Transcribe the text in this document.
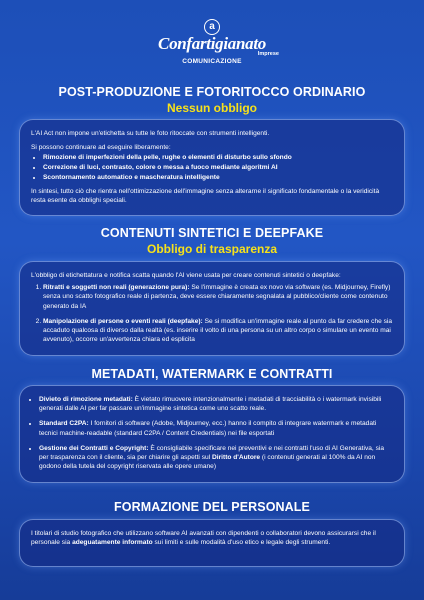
a
Confartigianato
Imprese
COMUNICAZIONE
POST-PRODUZIONE E FOTORITOCCO ORDINARIO
Nessun obbligo

L'AI Act non impone un'etichetta su tutte le foto ritoccate con strumenti intelligenti.

Si possono continuare ad eseguire liberamente:

• Rimozione di imperfezioni della pelle, rughe o elementi di disturbo sullo sfondo
• Correzione di luci, contrasto, colore o messa a fuoco mediante algoritmi AI
• Scontornamento automatico e mascheratura intelligente

In sintesi, tutto ciò che rientra nell'ottimizzazione dell'immagine senza alterarne il significato fondamentale o la veridicità resta esente da obblighi speciali.

CONTENUTI SINTETICI E DEEPFAKE
Obbligo di trasparenza

L'obbligo di etichettatura e notifica scatta quando l'AI viene usata per creare contenuti sintetici o deepfake:

1. Ritratti e soggetti non reali (generazione pura): Se l'immagine è creata ex novo via software (es. Midjourney, Firefly) senza uno scatto fotografico reale di partenza, deve essere chiaramente segnalata al pubblico/cliente come contenuto generato da IA
2. Manipolazione di persone o eventi reali (deepfake): Se si modifica un'immagine reale al punto da far credere che sia accaduto qualcosa di diverso dalla realtà (es. inserire il volto di una persona su un altro corpo o simulare un evento mai avvenuto), occorre un'avvertenza chiara ed esplicita
METADATI, WATERMARK E CONTRATTI
• Divieto di rimozione metadati: È vietato rimuovere intenzionalmente i metadati di tracciabilità o i watermark invisibili generati dalle AI per far passare un'immagine sintetica come uno scatto reale.
• Standard C2PA: I fornitori di software (Adobe, Midjourney, ecc.) hanno il compito di integrare watermark e metadati tecnici machine-readable (standard C2PA / Content Credentials) nei file esportati
• Gestione dei Contratti e Copyright: È consigliabile specificare nei preventivi e nei contratti l'uso di AI Generativa, sia per trasparenza con il cliente, sia per chiarire gli aspetti sul Diritto d'Autore (i contenuti generati al 100% da AI non godono della tutela del copyright riservata alle opere umane)
FORMAZIONE DEL PERSONALE

I titolari di studio fotografico che utilizzano software AI avanzati con dipendenti o collaboratori devono assicurarsi che il personale sia adeguatamente informato sui limiti e sulle modalità d'uso etico e legale degli strumenti.
